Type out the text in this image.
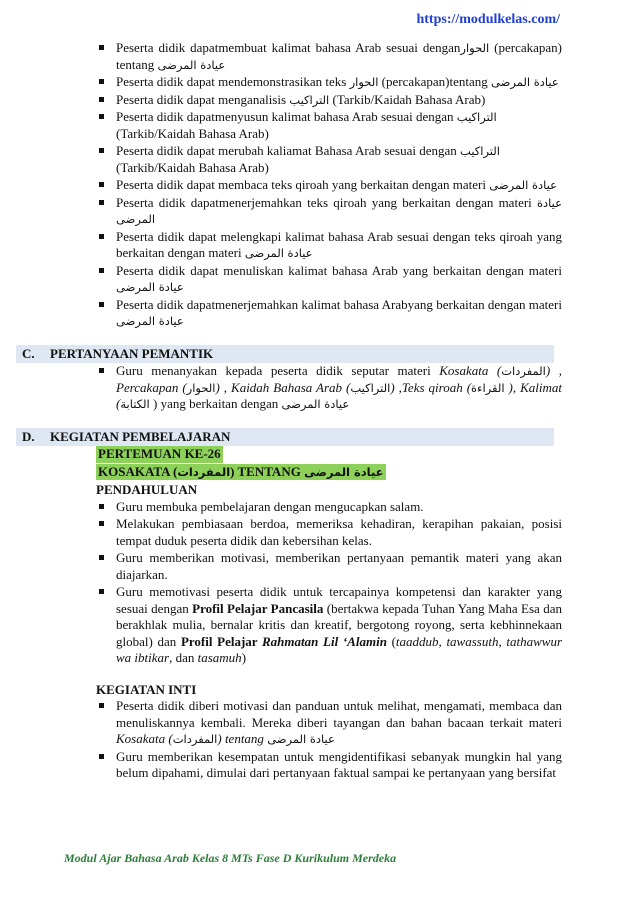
https://modulkelas.com/
Peserta didik dapatmembuat kalimat bahasa Arab sesuai denganالحوار (percakapan) tentang عيادة المرضى
Peserta didik dapat mendemonstrasikan teks الحوار (percakapan)tentang عيادة المرضى
Peserta didik dapat menganalisis التراكيب (Tarkib/Kaidah Bahasa Arab)
Peserta didik dapatmenyusun kalimat bahasa Arab sesuai dengan التراكيب
(Tarkib/Kaidah Bahasa Arab)
Peserta didik dapat merubah kaliamat Bahasa Arab sesuai dengan التراكيب
(Tarkib/Kaidah Bahasa Arab)
Peserta didik dapat membaca teks qiroah yang berkaitan dengan materi عيادة المرضى
Peserta didik dapatmenerjemahkan teks qiroah yang berkaitan dengan materi عيادة المرضى
Peserta didik dapat melengkapi kalimat bahasa Arab sesuai dengan teks qiroah yang berkaitan dengan materi عيادة المرضى
Peserta didik dapat menuliskan kalimat bahasa Arab yang berkaitan dengan materi عيادة المرضى
Peserta didik dapatmenerjemahkan kalimat bahasa Arabyang berkaitan dengan materi عيادة المرضى
C.	PERTANYAAN PEMANTIK
Guru menanyakan kepada peserta didik seputar materi Kosakata (المفردات) , Percakapan (الحوار) , Kaidah Bahasa Arab (التراكيب) ,Teks qiroah (القراءة ), Kalimat (الكتابة ) yang berkaitan dengan عيادة المرضى
D.	KEGIATAN PEMBELAJARAN
PERTEMUAN KE-26
KOSAKATA (المفردات) TENTANG عيادة المرضى
PENDAHULUAN
Guru membuka pembelajaran dengan mengucapkan salam.
Melakukan pembiasaan berdoa, memeriksa kehadiran, kerapihan pakaian, posisi tempat duduk peserta didik dan kebersihan kelas.
Guru memberikan motivasi, memberikan pertanyaan pemantik materi yang akan diajarkan.
Guru memotivasi peserta didik untuk tercapainya kompetensi dan karakter yang sesuai dengan Profil Pelajar Pancasila (bertakwa kepada Tuhan Yang Maha Esa dan berakhlak mulia, bernalar kritis dan kreatif, bergotong royong, serta kebhinnekaan global) dan Profil Pelajar Rahmatan Lil ‘Alamin (taaddub, tawassuth, tathawwur wa ibtikar, dan tasamuh)
KEGIATAN INTI
Peserta didik diberi motivasi dan panduan untuk melihat, mengamati, membaca dan menuliskannya kembali. Mereka diberi tayangan dan bahan bacaan terkait materi Kosakata (المفردات) tentang عيادة المرضى
Guru memberikan kesempatan untuk mengidentifikasi sebanyak mungkin hal yang belum dipahami, dimulai dari pertanyaan faktual sampai ke pertanyaan yang bersifat
Modul Ajar Bahasa Arab Kelas 8 MTs Fase D Kurikulum Merdeka
